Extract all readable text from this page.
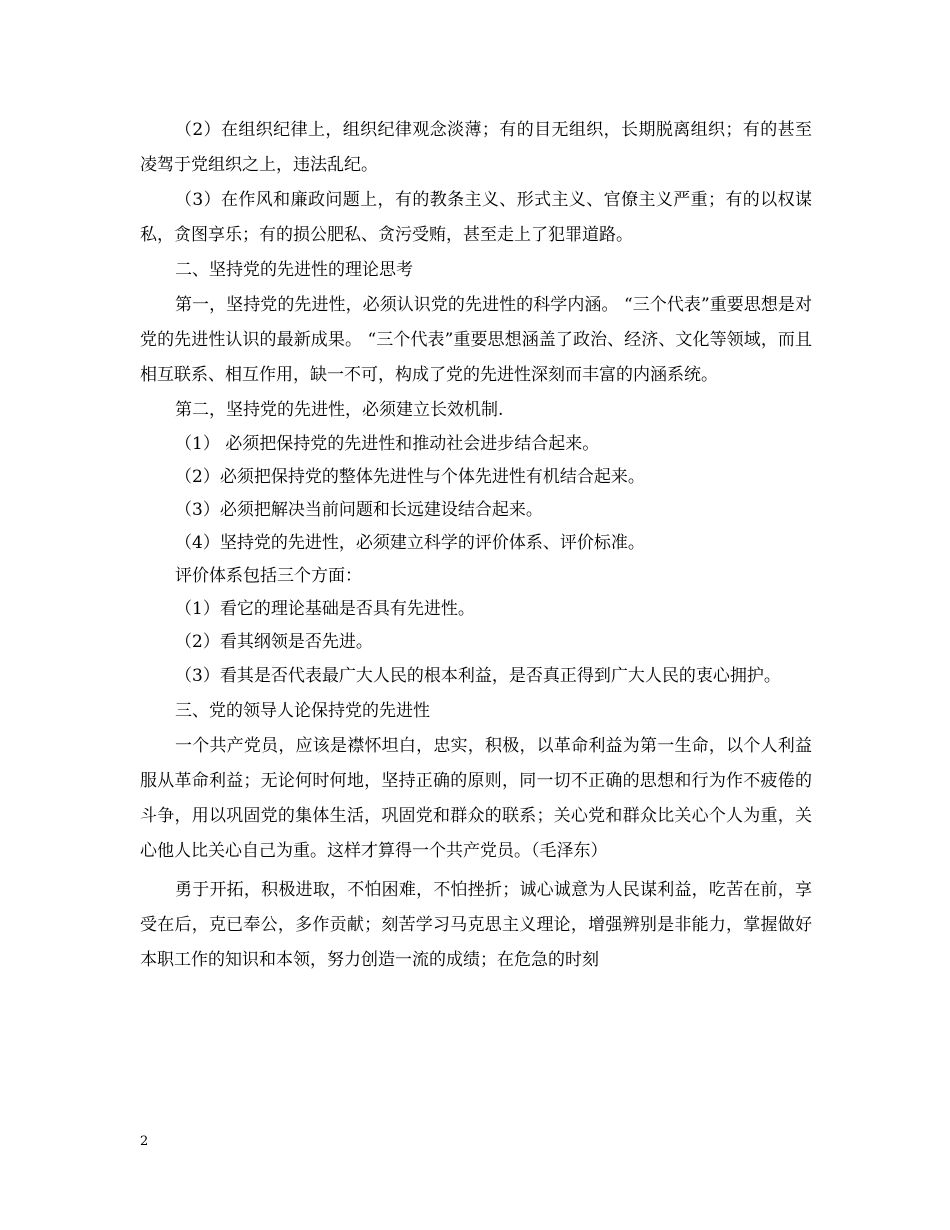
（2）在组织纪律上，组织纪律观念淡薄；有的目无组织，长期脱离组织；有的甚至凌驾于党组织之上，违法乱纪。

（3）在作风和廉政问题上，有的教条主义、形式主义、官僚主义严重；有的以权谋私，贪图享乐；有的损公肥私、贪污受贿，甚至走上了犯罪道路。

二、坚持党的先进性的理论思考

第一，坚持党的先进性，必须认识党的先进性的科学内涵。 “三个代表”重要思想是对党的先进性认识的最新成果。 “三个代表”重要思想涵盖了政治、经济、文化等领域，而且相互联系、相互作用，缺一不可，构成了党的先进性深刻而丰富的内涵系统。

第二，坚持党的先进性，必须建立长效机制.

（1） 必须把保持党的先进性和推动社会进步结合起来。

（2）必须把保持党的整体先进性与个体先进性有机结合起来。

（3）必须把解决当前问题和长远建设结合起来。

（4）坚持党的先进性，必须建立科学的评价体系、评价标准。

评价体系包括三个方面：

（1）看它的理论基础是否具有先进性。

（2）看其纲领是否先进。

（3）看其是否代表最广大人民的根本利益，是否真正得到广大人民的衷心拥护。

三、党的领导人论保持党的先进性

一个共产党员，应该是襟怀坦白，忠实，积极，以革命利益为第一生命，以个人利益服从革命利益；无论何时何地，坚持正确的原则，同一切不正确的思想和行为作不疲倦的斗争，用以巩固党的集体生活，巩固党和群众的联系；关心党和群众比关心个人为重，关心他人比关心自己为重。这样才算得一个共产党员。（毛泽东）

勇于开拓，积极进取，不怕困难，不怕挫折；诚心诚意为人民谋利益，吃苦在前，享受在后，克已奉公，多作贡献；刻苦学习马克思主义理论，增强辨别是非能力，掌握做好本职工作的知识和本领，努力创造一流的成绩；在危急的时刻

2
